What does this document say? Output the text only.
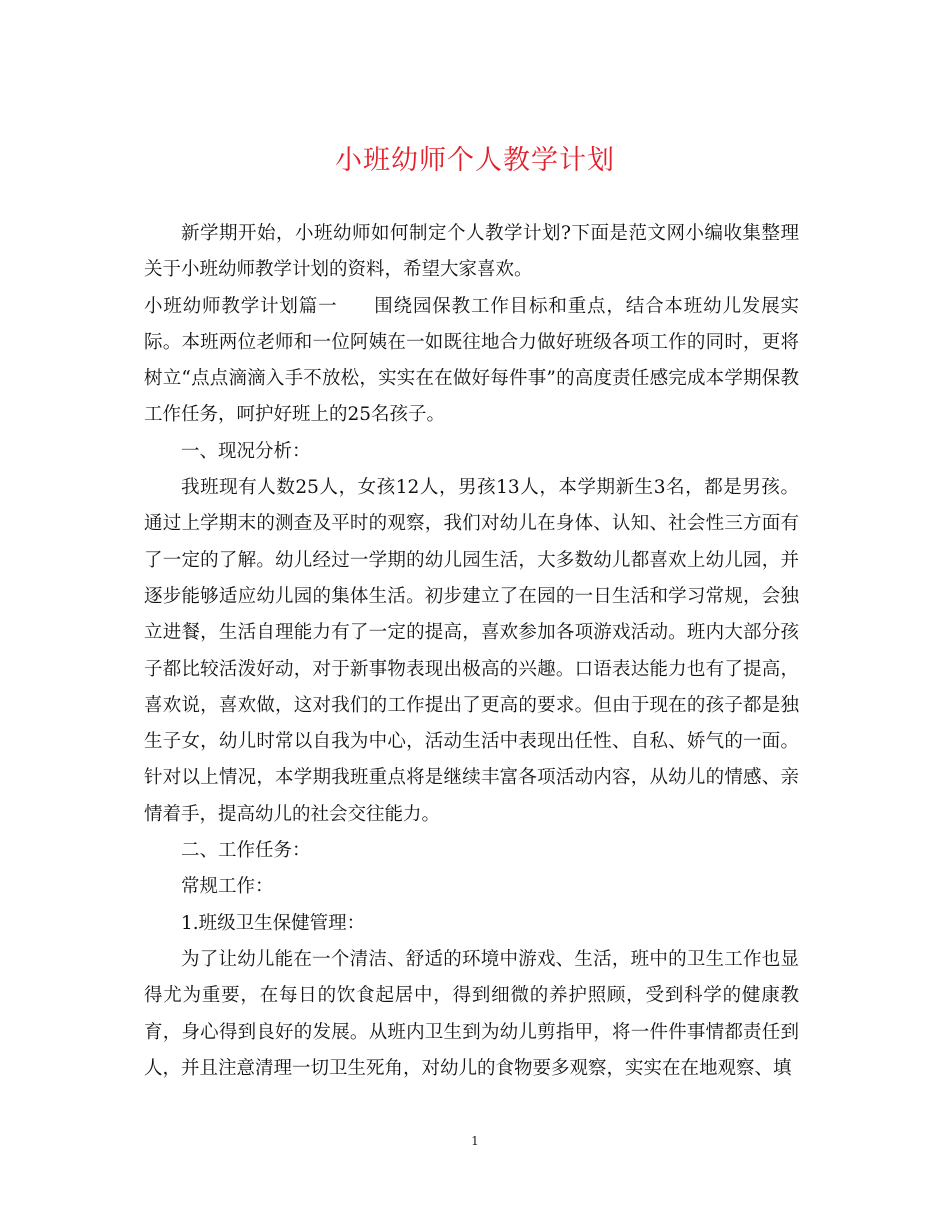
小班幼师个人教学计划

新学期开始，小班幼师如何制定个人教学计划?下面是范文网小编收集整理关于小班幼师教学计划的资料，希望大家喜欢。

小班幼师教学计划篇一 围绕园保教工作目标和重点，结合本班幼儿发展实际。本班两位老师和一位阿姨在一如既往地合力做好班级各项工作的同时，更将树立“点点滴滴入手不放松，实实在在做好每件事”的高度责任感完成本学期保教工作任务，呵护好班上的25名孩子。

一、现况分析：

我班现有人数25人，女孩12人，男孩13人，本学期新生3名，都是男孩。通过上学期末的测查及平时的观察，我们对幼儿在身体、认知、社会性三方面有了一定的了解。幼儿经过一学期的幼儿园生活，大多数幼儿都喜欢上幼儿园，并逐步能够适应幼儿园的集体生活。初步建立了在园的一日生活和学习常规，会独立进餐，生活自理能力有了一定的提高，喜欢参加各项游戏活动。班内大部分孩子都比较活泼好动，对于新事物表现出极高的兴趣。口语表达能力也有了提高，喜欢说，喜欢做，这对我们的工作提出了更高的要求。但由于现在的孩子都是独生子女，幼儿时常以自我为中心，活动生活中表现出任性、自私、娇气的一面。针对以上情况，本学期我班重点将是继续丰富各项活动内容，从幼儿的情感、亲情着手，提高幼儿的社会交往能力。

二、工作任务：

常规工作：

1.班级卫生保健管理：

为了让幼儿能在一个清洁、舒适的环境中游戏、生活，班中的卫生工作也显得尤为重要，在每日的饮食起居中，得到细微的养护照顾，受到科学的健康教育，身心得到良好的发展。从班内卫生到为幼儿剪指甲，将一件件事情都责任到人，并且注意清理一切卫生死角，对幼儿的食物要多观察，实实在在地观察、填

1
